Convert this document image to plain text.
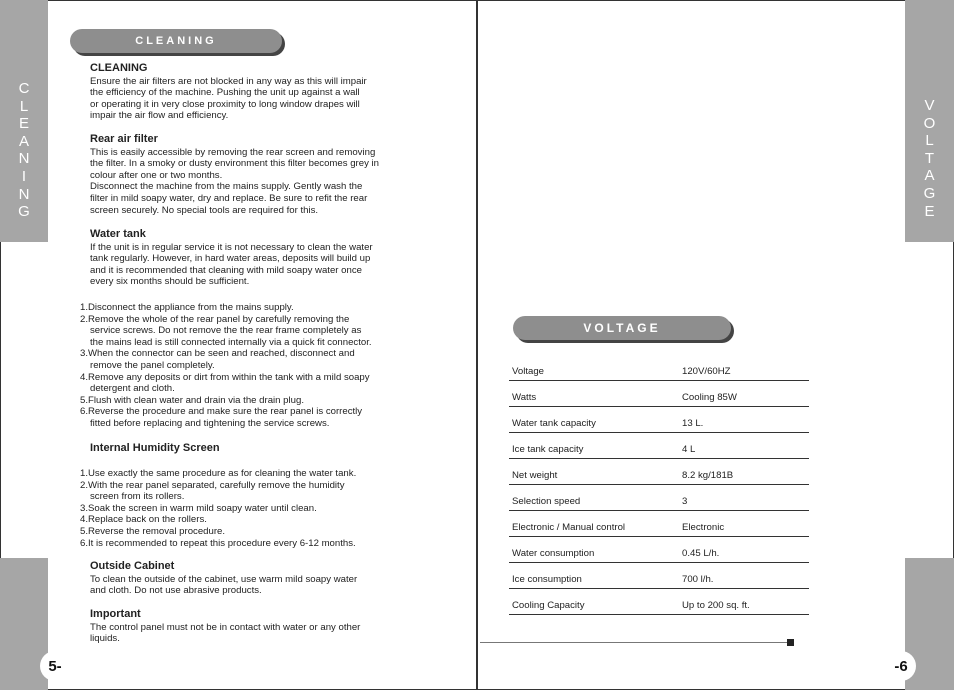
C
L
E
A
N
I
N
G
5-
CLEANING

CLEANING

Ensure the air filters are not blocked in any way as this will impair
the efficiency of the machine. Pushing the unit up against a wall
or operating it in very close proximity to long window drapes will
impair the air flow and efficiency.

Rear air filter

This is easily accessible by removing the rear screen and removing
the filter. In a smoky or dusty environment this filter becomes grey in
colour after one or two months.
Disconnect the machine from the mains supply. Gently wash the
filter in mild soapy water, dry and replace. Be sure to refit the rear
screen securely. No special tools are required for this.

Water tank

If the unit is in regular service it is not necessary to clean the water
tank regularly. However, in hard water areas, deposits will build up
and it is recommended that cleaning with mild soapy water once
every six months should be sufficient.

1.Disconnect the appliance from the mains supply.

2.Remove the whole of the rear panel by carefully removing the
service screws. Do not remove the the rear frame completely as
the mains lead is still connected internally via a quick fit connector.

3.When the connector can be seen and reached, disconnect and
remove the panel completely.

4.Remove any deposits or dirt from within the tank with a mild soapy
detergent and cloth.

5.Flush with clean water and drain via the drain plug.

6.Reverse the procedure and make sure the rear panel is correctly
fitted before replacing and tightening the service screws.

Internal Humidity Screen

1.Use exactly the same procedure as for cleaning the water tank.

2.With the rear panel separated, carefully remove the humidity
screen from its rollers.

3.Soak the screen in warm mild soapy water until clean.

4.Replace back on the rollers.

5.Reverse the removal procedure.

6.It is recommended to repeat this procedure every 6-12 months.

Outside Cabinet

To clean the outside of the cabinet, use warm mild soapy water
and cloth. Do not use abrasive products.

Important

The control panel must not be in contact with water or any other
liquids.

V
O
L
T
A
G
E
-6
VOLTAGE
Voltage	120V/60HZ
Watts	Cooling 85W
Water tank capacity	13 L.
Ice tank capacity	4 L
Net weight	8.2 kg/181B
Selection speed	3
Electronic / Manual control	Electronic
Water consumption	0.45 L/h.
Ice consumption	700 l/h.
Cooling Capacity	Up to 200 sq. ft.
